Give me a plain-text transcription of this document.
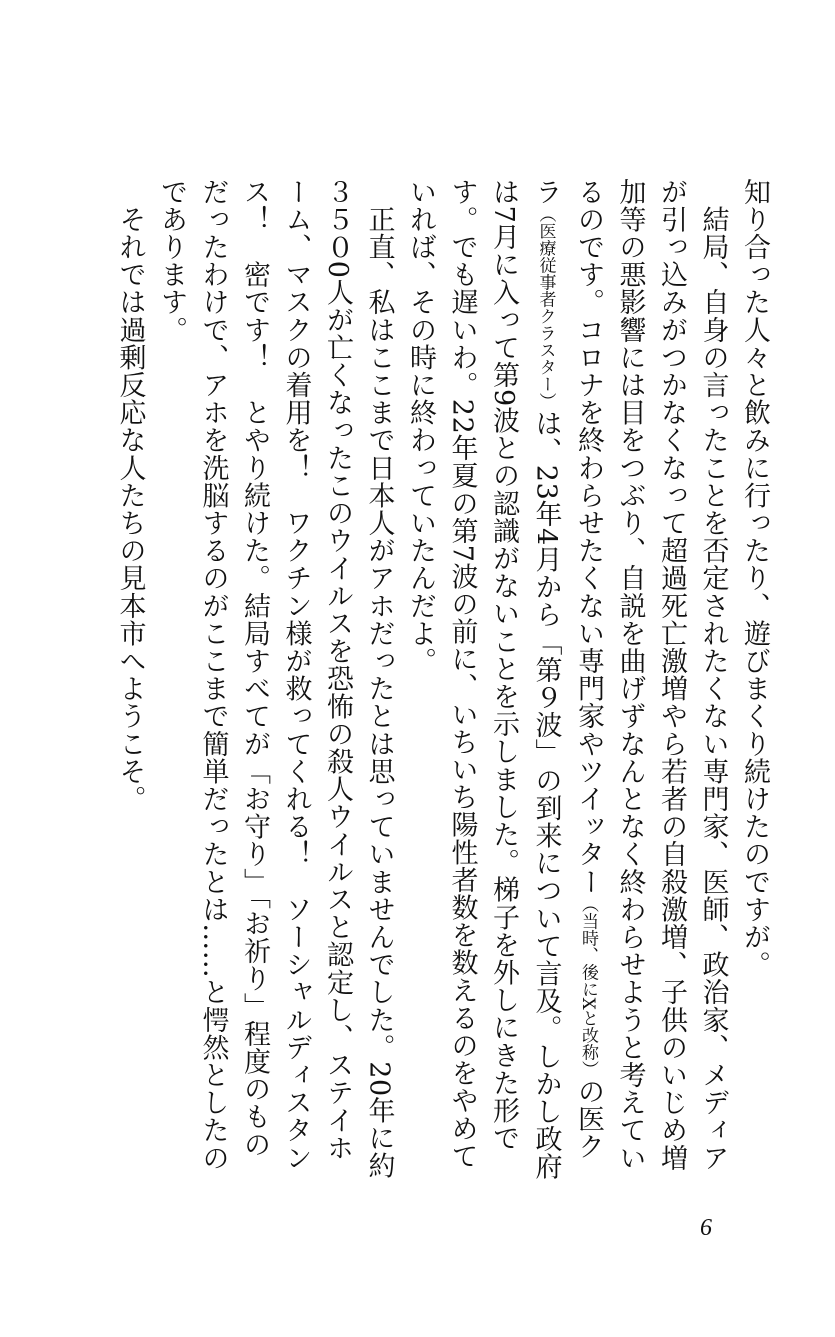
知り合った人々と飲みに行ったり、遊びまくり続けたのですが。

　結局、自身の言ったことを否定されたくない専門家、医師、政治家、メディアが引っ込みがつかなくなって超過死亡激増やら若者の自殺激増、子供のいじめ増加等の悪影響には目をつぶり、自説を曲げずなんとなく終わらせようと考えているのです。コロナを終わらせたくない専門家やツイッター（当時、後にXと改称）の医クラ（医療従事者クラスター）は、23年4月から「第９波」の到来について言及。しかし政府は7月に入って第9波との認識がないことを示しました。梯子を外しにきた形です。でも遅いわ。22年夏の第7波の前に、いちいち陽性者数を数えるのをやめていれば、その時に終わっていたんだよ。

　正直、私はここまで日本人がアホだったとは思っていませんでした。20年に約３５０0人が亡くなったこのウイルスを恐怖の殺人ウイルスと認定し、ステイホーム、マスクの着用を！　ワクチン様が救ってくれる！　ソーシャルディスタンス！　密です！　とやり続けた。結局すべてが「お守り」「お祈り」程度のものだったわけで、アホを洗脳するのがここまで簡単だったとは……と愕然としたのであります。

　それでは過剰反応な人たちの見本市へようこそ。

6
